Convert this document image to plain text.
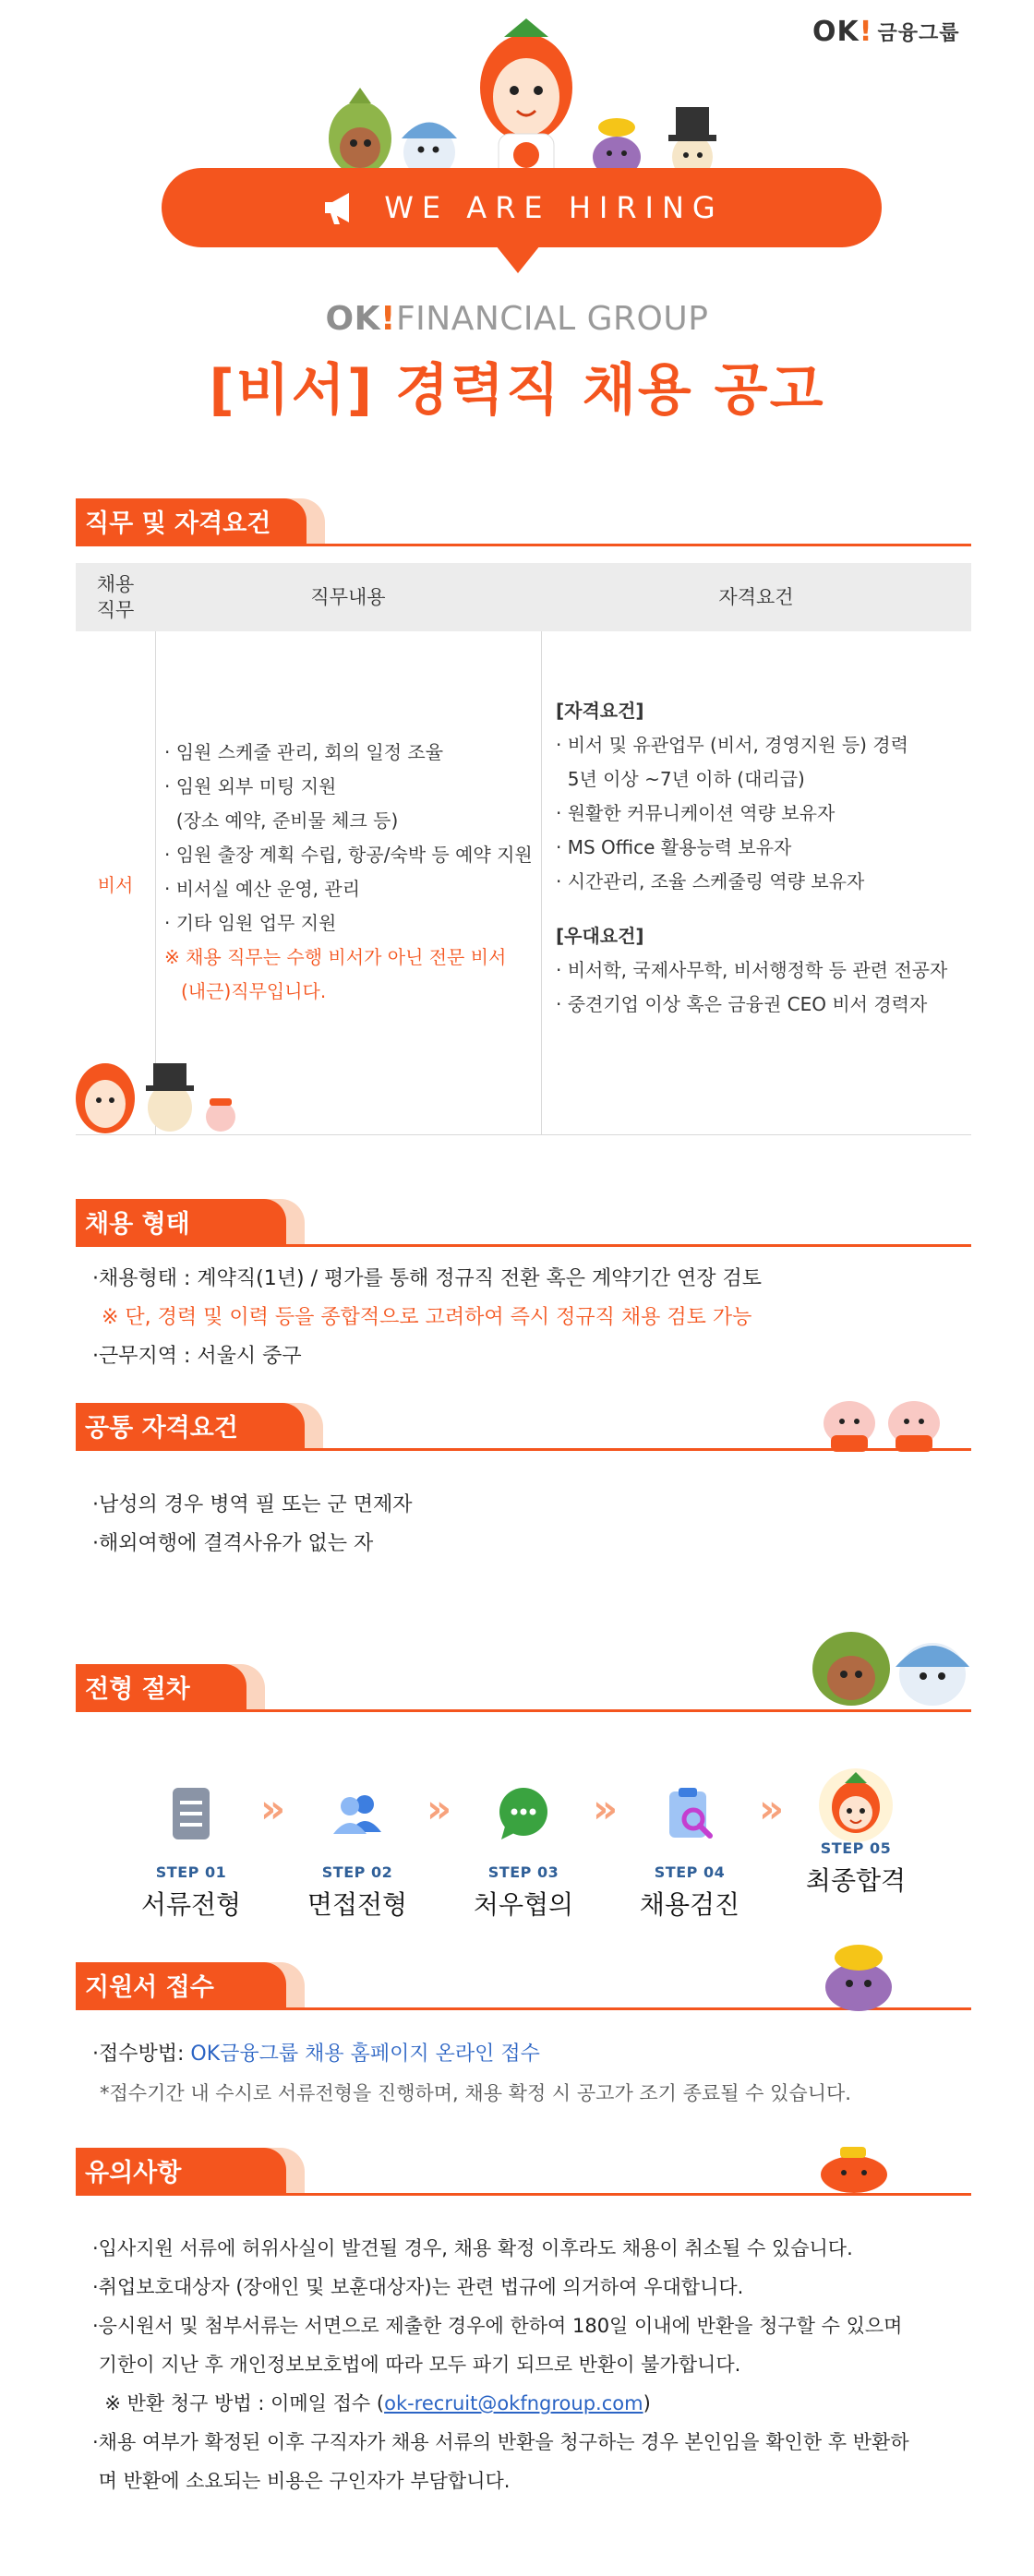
OK ! 금융그룹
WE ARE HIRING
OK!FINANCIAL GROUP
[비서] 경력직 채용 공고
직무 및 자격요건
채용
직무
직무내용	자격요건
비서
· 임원 스케줄 관리, 회의 일정 조율
· 임원 외부 미팅 지원
(장소 예약, 준비물 체크 등)
· 임원 출장 계획 수립, 항공/숙박 등 예약 지원
· 비서실 예산 운영, 관리
· 기타 임원 업무 지원
※ 채용 직무는 수행 비서가 아닌 전문 비서
(내근)직무입니다.
[자격요건]
· 비서 및 유관업무 (비서, 경영지원 등) 경력
5년 이상 ~7년 이하 (대리급)
· 원활한 커뮤니케이션 역량 보유자
· MS Office 활용능력 보유자
· 시간관리, 조율 스케줄링 역량 보유자
[우대요건]
· 비서학, 국제사무학, 비서행정학 등 관련 전공자
· 중견기업 이상 혹은 금융권 CEO 비서 경력자
채용 형태
·채용형태 : 계약직(1년) / 평가를 통해 정규직 전환 혹은 계약기간 연장 검토
※ 단, 경력 및 이력 등을 종합적으로 고려하여 즉시 정규직 채용 검토 가능
·근무지역 : 서울시 중구
공통 자격요건
·남성의 경우 병역 필 또는 군 면제자
·해외여행에 결격사유가 없는 자
전형 절차
STEP 01
서류전형
»
STEP 02
면접전형
»
STEP 03
처우협의
»
STEP 04
채용검진
»
STEP 05
최종합격
지원서 접수
·접수방법: OK금융그룹 채용 홈페이지 온라인 접수
*접수기간 내 수시로 서류전형을 진행하며, 채용 확정 시 공고가 조기 종료될 수 있습니다.
유의사항
·입사지원 서류에 허위사실이 발견될 경우, 채용 확정 이후라도 채용이 취소될 수 있습니다.
·취업보호대상자 (장애인 및 보훈대상자)는 관련 법규에 의거하여 우대합니다.
·응시원서 및 첨부서류는 서면으로 제출한 경우에 한하여 180일 이내에 반환을 청구할 수 있으며
기한이 지난 후 개인정보보호법에 따라 모두 파기 되므로 반환이 불가합니다.
※ 반환 청구 방법 : 이메일 접수 (ok-recruit@okfngroup.com)
·채용 여부가 확정된 이후 구직자가 채용 서류의 반환을 청구하는 경우 본인임을 확인한 후 반환하
며 반환에 소요되는 비용은 구인자가 부담합니다.
